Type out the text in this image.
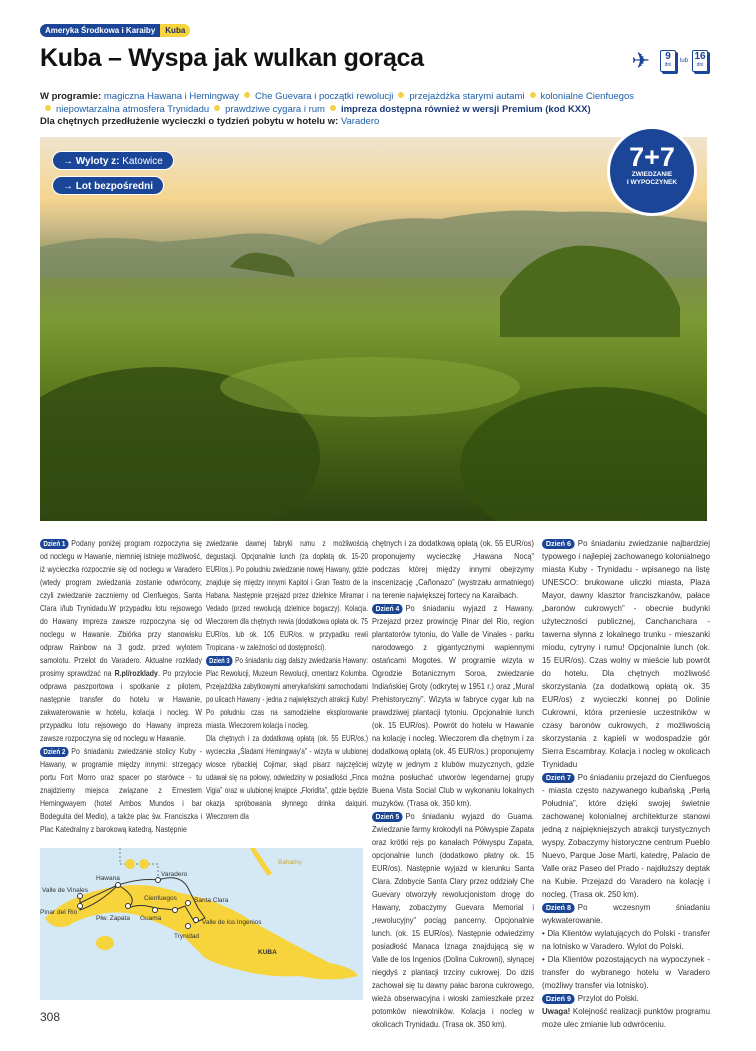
Ameryka Środkowa i Karaiby	Kuba
Kuba – Wyspa jak wulkan gorąca	✈	9
dni
lub 16
dni
W programie: magiczna Hawana i Hemingway Che Guevara i początki rewolucji przejażdżka starymi autami kolonialne Cienfuegos
niepowtarzalna atmosfera Trynidadu prawdziwe cygara i rum impreza dostępna również w wersji Premium (kod KXX)
Dla chętnych przedłużenie wycieczki o tydzień pobytu w hotelu w: Varadero
→ Wyloty z: Katowice
→ Lot bezpośredni
7+7
ZWIEDZANIE
I WYPOCZYNEK

Dzień 1 Podany poniżej program rozpoczyna się od noclegu w Hawanie, niemniej istnieje możliwość, iż wycieczka rozpocznie się od noclegu w Varadero (wtedy program zwiedzania zostanie odwrócony, czyli zwiedzanie zaczniemy od Cienfuegos, Santa Clara i/lub Trynidadu.W przypadku lotu rejsowego do Hawany impreza zawsze rozpoczyna się od noclegu w Hawanie. Zbiórka przy stanowisku odpraw Rainbow na 3 godz. przed wylotem samolotu. Przelot do Varadero. Aktualne rozkłady prosimy sprawdzać na R.pl/rozklady. Po przylocie odprawa paszportowa i spotkanie z pilotem, następnie transfer do hotelu w Hawanie, zakwaterowanie w hotelu, kolacja i nocleg. W przypadku lotu rejsowego do Hawany impreza zawsze rozpoczyna się od noclegu w Hawanie.

Dzień 2 Po śniadaniu zwiedzanie stolicy Kuby - Hawany, w programie między innymi: strzegący portu Fort Morro oraz spacer po starówce - tu znajdziemy miejsca związane z Ernestem Hemingwayem (hotel Ambos Mundos i bar Bodeguita del Medio), a także plac św. Franciszka i Plac Katedralny z barokową katedrą. Następnie

zwiedzanie dawnej fabryki rumu z możliwością degustacji. Opcjonalnie lunch (za dopłatą ok. 15-20 EUR/os.). Po południu zwiedzanie nowej Hawany, gdzie znajduje się między innymi Kapitol i Gran Teatro de la Habana. Następnie przejazd przez dzielnice Miramar i Vedado (przed rewolucją dzielnice bogaczy). Kolacja. Wieczorem dla chętnych rewia (dodatkowa opłata ok. 75 EUR/os. lub ok. 105 EUR/os. w przypadku rewii Tropicana - w zależności od dostępności).

Dzień 3 Po śniadaniu ciąg dalszy zwiedzania Hawany: Plac Rewolucji, Muzeum Rewolucji, cmentarz Kolumba. Przejażdżka zabytkowymi amerykańskimi samochodami po ulicach Hawany - jedna z największych atrakcji Kuby! Po południu czas na samodzielne eksplorowanie miasta. Wieczorem kolacja i nocleg.

Dla chętnych i za dodatkową opłatą (ok. 55 EUR/os.) wycieczka „Śladami Hemingway'a” - wizyta w ulubionej wiosce rybackiej Cojimar, skąd pisarz najczęściej udawał się na połowy, odwiedziny w posiadłości „Finca Vigia” oraz w ulubionej knajpce „Floridita”, gdzie będzie okazja spróbowania słynnego drinka daiquiri. Wieczorem dla

chętnych i za dodatkową opłatą (ok. 55 EUR/os) proponujemy wycieczkę „Hawana Nocą” podczas której między innymi obejrzymy inscenizację „Cañonazo” (wystrzału armatniego) na terenie największej fortecy na Karaibach.

Dzień 4 Po śniadaniu wyjazd z Hawany. Przejazd przez prowincję Pinar del Rio, region plantatorów tytoniu, do Valle de Vinales - parku narodowego z gigantycznymi wapiennymi ostańcami Mogotes. W programie wizyta w Ogrodzie Botanicznym Soroa, zwiedzanie Indiańskiej Groty (odkrytej w 1951 r.) oraz „Mural Prehistoryczny”. Wizyta w fabryce cygar lub na prawdziwej plantacji tytoniu. Opcjonalnie lunch (ok. 15 EUR/os). Powrót do hotelu w Hawanie na kolację i nocleg. Wieczorem dla chętnym i za dodatkową opłatą (ok. 45 EUR/os.) proponujemy wizytę w jednym z klubów muzycznych, gdzie można posłuchać utworów legendarnej grupy Buena Vista Social Club w wykonaniu lokalnych muzyków. (Trasa ok. 350 km).

Dzień 5 Po śniadaniu wyjazd do Guama. Zwiedzanie farmy krokodyli na Półwyspie Zapata oraz krótki rejs po kanałach Półwyspu Zapata, opcjonalnie lunch (dodatkowo płatny ok. 15 EUR/os). Następnie wyjazd w kierunku Santa Clara. Zdobycie Santa Clary przez oddziały Che Guevary otworzyły rewolucjonistom drogę do Hawany, zobaczymy Guevara Memorial i „rewolucyjny” pociąg pancerny. Opcjonalnie lunch. (ok. 15 EUR/os). Następnie odwiedzimy posiadłość Manaca Iznaga znajdującą się w Valle de los Ingenios (Dolina Cukrowni), słynącej niegdyś z plantacji trzciny cukrowej. Do dziś zachował się tu dawny pałac barona cukrowego, wieża obserwacyjna i wioski zamieszkałe przez potomków niewolników. Kolacja i nocleg w okolicach Trynidadu. (Trasa ok. 350 km).

Dzień 6 Po śniadaniu zwiedzanie najbardziej typowego i najlepiej zachowanego kolonialnego miasta Kuby - Trynidadu - wpisanego na listę UNESCO: brukowane uliczki miasta, Plaza Mayor, dawny klasztor franciszkanów, pałace „baronów cukrowych” - obecnie budynki użyteczności publicznej, Canchanchara - tawerna słynna z lokalnego trunku - mieszanki miodu, cytryny i rumu! Opcjonalnie lunch (ok. 15 EUR/os). Czas wolny w mieście lub powrót do hotelu. Dla chętnych możliwość skorzystania (za dodatkową opłatą ok. 35 EUR/os) z wycieczki konnej po Dolinie Cukrowni, która przeniesie uczestników w czasy baronów cukrowych, z możliwością skorzystania z kąpieli w wodospadzie gór Sierra Escambray. Kolacja i nocleg w okolicach Trynidadu

Dzień 7 Po śniadaniu przejazd do Cienfuegos - miasta często nazywanego kubańską „Perłą Południa”, które dzięki swojej świetnie zachowanej kolonialnej architekturze stanowi jedną z najpiękniejszych atrakcji turystycznych wyspy. Zobaczymy historyczne centrum Pueblo Nuevo, Parque Jose Marti, katedrę, Palacio de Valle oraz Paseo del Prado - najdłuższy deptak na Kubie. Przejazd do Varadero na kolację i nocleg. (Trasa ok. 250 km).

Dzień 8 Po wczesnym śniadaniu wykwaterowanie.

• Dla Klientów wylatujących do Polski - transfer na lotnisko w Varadero. Wylot do Polski.

• Dla Klientów pozostających na wypoczynek - transfer do wybranego hotelu w Varadero (możliwy transfer via lotnisko).

Dzień 9 Przylot do Polski.

Uwaga! Kolejność realizacji punktów programu może ulec zmianie lub odwróceniu.

Hawana
Varadero
Valle de Vinales
Pinar del Rio
Płw. Zapata
Cienfuegos	Santa Clara
Guama
Valle de los Ingenios
Trynidad
KUBA
Bahamy
308
